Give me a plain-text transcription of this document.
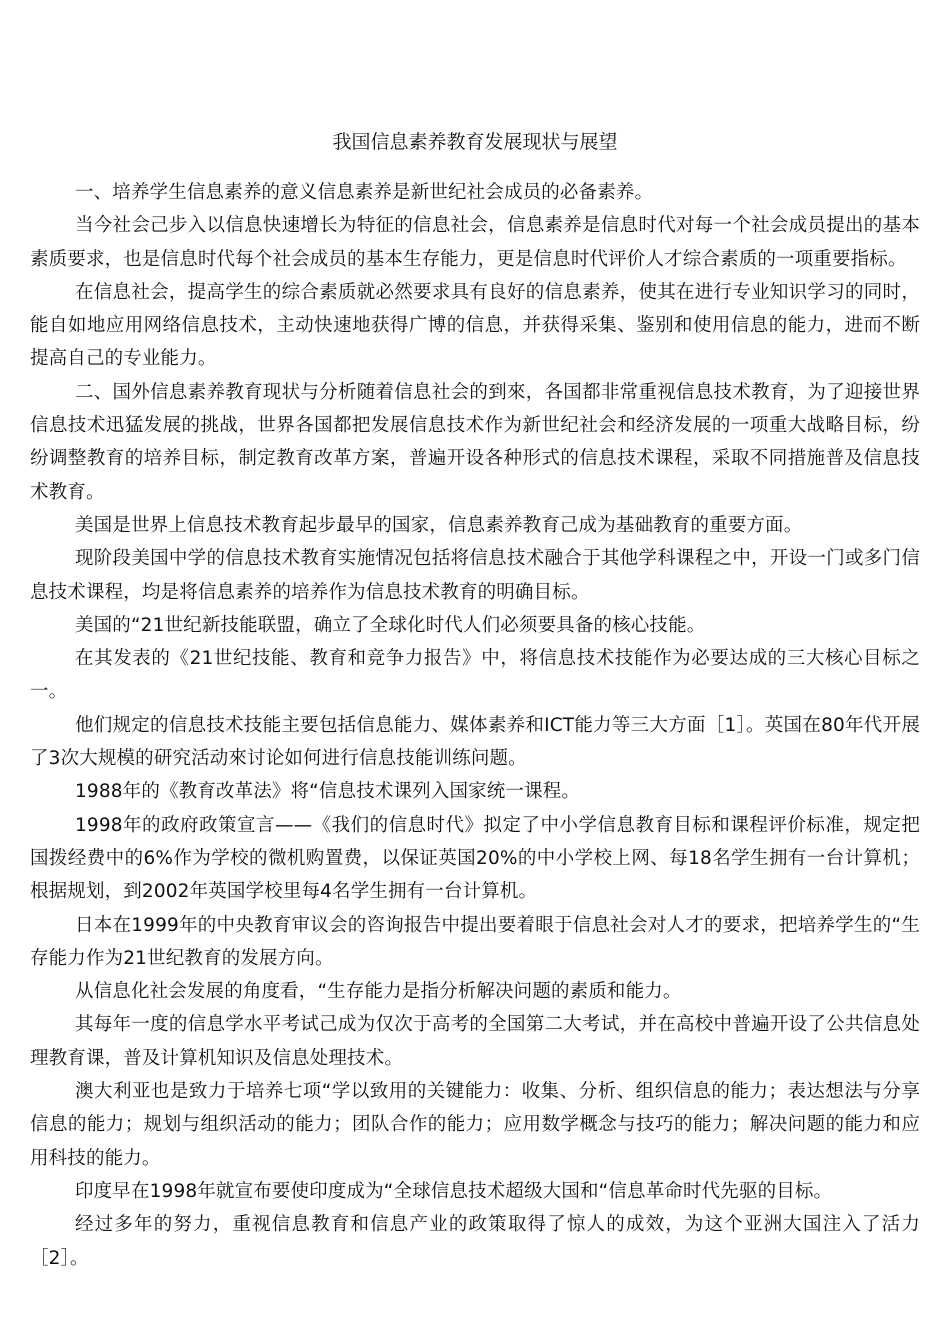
我国信息素养教育发展现状与展望

一、培养学生信息素养的意义信息素养是新世纪社会成员的必备素养。

当今社会己步入以信息快速增长为特征的信息社会，信息素养是信息时代对每一个社会成员提出的基本素质要求，也是信息时代每个社会成员的基本生存能力，更是信息时代评价人才综合素质的一项重要指标。

在信息社会，提高学生的综合素质就必然要求具有良好的信息素养，使其在进行专业知识学习的同时，能自如地应用网络信息技术，主动快速地获得广博的信息，并获得采集、鉴别和使用信息的能力，进而不断提高自己的专业能力。

二、国外信息素养教育现状与分析随着信息社会的到來，各国都非常重视信息技术教育，为了迎接世界信息技术迅猛发展的挑战，世界各国都把发展信息技术作为新世纪社会和经济发展的一项重大战略目标，纷纷调整教育的培养目标，制定教育改革方案，普遍开设各种形式的信息技术课程，采取不同措施普及信息技术教育。

美国是世界上信息技术教育起步最早的国家，信息素养教育己成为基础教育的重要方面。

现阶段美国中学的信息技术教育实施情况包括将信息技术融合于其他学科课程之中，开设一门或多门信息技术课程，均是将信息素养的培养作为信息技术教育的明确目标。

美国的“21世纪新技能联盟，确立了全球化时代人们必须要具备的核心技能。

在其发表的《21世纪技能、教育和竞争力报告》中，将信息技术技能作为必要达成的三大核心目标之一。

他们规定的信息技术技能主要包括信息能力、媒体素养和ICT能力等三大方面［1］。英国在80年代开展了3次大规模的研究活动來讨论如何进行信息技能训练问题。

1988年的《教育改革法》将“信息技术课列入国家统一课程。

1998年的政府政策宣言——《我们的信息时代》拟定了中小学信息教育目标和课程评价标准，规定把国拨经费中的6%作为学校的微机购置费，以保证英国20%的中小学校上网、每18名学生拥有一台计算机；根据规划，到2002年英国学校里每4名学生拥有一台计算机。

日本在1999年的中央教育审议会的咨询报告中提出要着眼于信息社会对人才的要求，把培养学生的“生存能力作为21世纪教育的发展方向。

从信息化社会发展的角度看，“生存能力是指分析解决问题的素质和能力。

其每年一度的信息学水平考试己成为仅次于高考的全国第二大考试，并在高校中普遍开设了公共信息处理教育课，普及计算机知识及信息处理技术。

澳大利亚也是致力于培养七项“学以致用的关键能力：收集、分析、组织信息的能力；表达想法与分享信息的能力；规划与组织活动的能力；团队合作的能力；应用数学概念与技巧的能力；解决问题的能力和应用科技的能力。

印度早在1998年就宣布要使印度成为“全球信息技术超级大国和“信息革命时代先驱的目标。

经过多年的努力，重视信息教育和信息产业的政策取得了惊人的成效，为这个亚洲大国注入了活力［2］。
